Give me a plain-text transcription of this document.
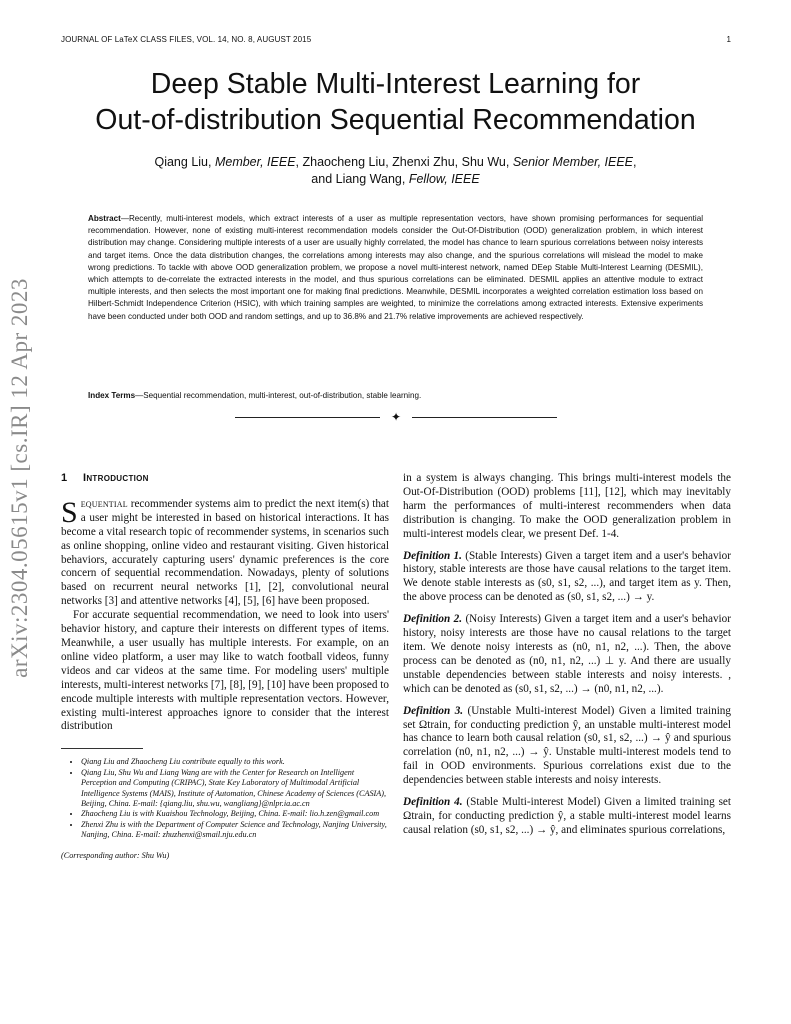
JOURNAL OF LaTeX CLASS FILES, VOL. 14, NO. 8, AUGUST 2015	1
arXiv:2304.05615v1 [cs.IR] 12 Apr 2023
Deep Stable Multi-Interest Learning for
Out-of-distribution Sequential Recommendation
Qiang Liu, Member, IEEE, Zhaocheng Liu, Zhenxi Zhu, Shu Wu, Senior Member, IEEE,
and Liang Wang, Fellow, IEEE
Abstract—Recently, multi-interest models, which extract interests of a user as multiple representation vectors, have shown promising performances for sequential recommendation. However, none of existing multi-interest recommendation models consider the Out-Of-Distribution (OOD) generalization problem, in which interest distribution may change. Considering multiple interests of a user are usually highly correlated, the model has chance to learn spurious correlations between noisy interests and target items. Once the data distribution changes, the correlations among interests may also change, and the spurious correlations will mislead the model to make wrong predictions. To tackle with above OOD generalization problem, we propose a novel multi-interest network, named DEep Stable Multi-Interest Learning (DESMIL), which attempts to de-correlate the extracted interests in the model, and thus spurious correlations can be eliminated. DESMIL applies an attentive module to extract multiple interests, and then selects the most important one for making final predictions. Meanwhile, DESMIL incorporates a weighted correlation estimation loss based on Hilbert-Schmidt Independence Criterion (HSIC), with which training samples are weighted, to minimize the correlations among extracted interests. Extensive experiments have been conducted under both OOD and random settings, and up to 36.8% and 21.7% relative improvements are achieved respectively.
Index Terms—Sequential recommendation, multi-interest, out-of-distribution, stable learning.
✦
1 Introduction

Sequential recommender systems aim to predict the next item(s) that a user might be interested in based on historical interactions. It has become a vital research topic of recommender systems, in scenarios such as online shopping, online video and restaurant visiting. Given historical behaviors, accurately capturing users' dynamic preferences is the core concern of sequential recommendation. Nowadays, plenty of solutions based on recurrent neural networks [1], [2], convolutional neural networks [3] and attentive networks [4], [5], [6] have been proposed.

For accurate sequential recommendation, we need to look into users' behavior history, and capture their interests on different types of items. Meanwhile, a user usually has multiple interests. For example, on an online video platform, a user may like to watch football videos, funny videos and car videos at the same time. For modeling users' multiple interests, multi-interest networks [7], [8], [9], [10] have been proposed to encode multiple interests with multiple representation vectors. However, existing multi-interest approaches ignore to consider that the interest distribution

• Qiang Liu and Zhaocheng Liu contribute equally to this work.
• Qiang Liu, Shu Wu and Liang Wang are with the Center for Research on Intelligent Perception and Computing (CRIPAC), State Key Laboratory of Multimodal Artificial Intelligence Systems (MAIS), Institute of Automation, Chinese Academy of Sciences (CASIA), Beijing, China. E-mail: {qiang.liu, shu.wu, wangliang}@nlpr.ia.ac.cn
• Zhaocheng Liu is with Kuaishou Technology, Beijing, China. E-mail: lio.h.zen@gmail.com
• Zhenxi Zhu is with the Department of Computer Science and Technology, Nanjing University, Nanjing, China. E-mail: zhuzhenxi@smail.nju.edu.cn
(Corresponding author: Shu Wu)

in a system is always changing. This brings multi-interest models the Out-Of-Distribution (OOD) problems [11], [12], which may inevitably harm the performances of multi-interest recommenders when data distribution is changing. To make the OOD generalization problem in multi-interest models clear, we present Def. 1-4.

Definition 1. (Stable Interests) Given a target item and a user's behavior history, stable interests are those have causal relations to the target item. We denote stable interests as (s0, s1, s2, ...), and target item as y. Then, the above process can be denoted as (s0, s1, s2, ...) → y.
Definition 2. (Noisy Interests) Given a target item and a user's behavior history, noisy interests are those have no causal relations to the target item. We denote noisy interests as (n0, n1, n2, ...). Then, the above process can be denoted as (n0, n1, n2, ...) ⊥ y. And there are usually unstable dependencies between stable interests and noisy interests. , which can be denoted as (s0, s1, s2, ...) → (n0, n1, n2, ...).
Definition 3. (Unstable Multi-interest Model) Given a limited training set Ωtrain, for conducting prediction ŷ, an unstable multi-interest model has chance to learn both causal relation (s0, s1, s2, ...) → ŷ and spurious correlation (n0, n1, n2, ...) → ŷ. Unstable multi-interest models tend to fail in OOD environments. Spurious correlations exist due to the dependencies between stable interests and noisy interests.
Definition 4. (Stable Multi-interest Model) Given a limited training set Ωtrain, for conducting prediction ŷ, a stable multi-interest model learns causal relation (s0, s1, s2, ...) → ŷ, and eliminates spurious correlations,
